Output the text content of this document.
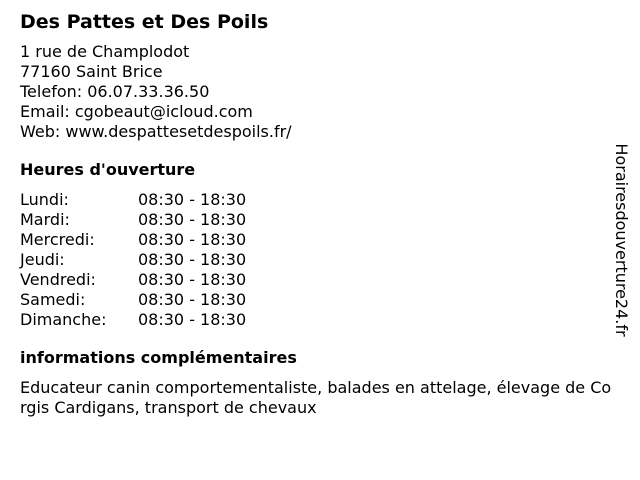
Des Pattes et Des Poils
1 rue de Champlodot
77160 Saint Brice
Telefon: 06.07.33.36.50
Email: cgobeaut@icloud.com
Web: www.despattesetdespoils.fr/
Heures d'ouverture
Lundi:	08:30 - 18:30
Mardi:	08:30 - 18:30
Mercredi:	08:30 - 18:30
Jeudi:	08:30 - 18:30
Vendredi:	08:30 - 18:30
Samedi:	08:30 - 18:30
Dimanche:	08:30 - 18:30
informations complémentaires
Educateur canin comportementaliste, balades en attelage, élevage de Corgis Cardigans, transport de chevaux
Horairesdouverture24.fr
